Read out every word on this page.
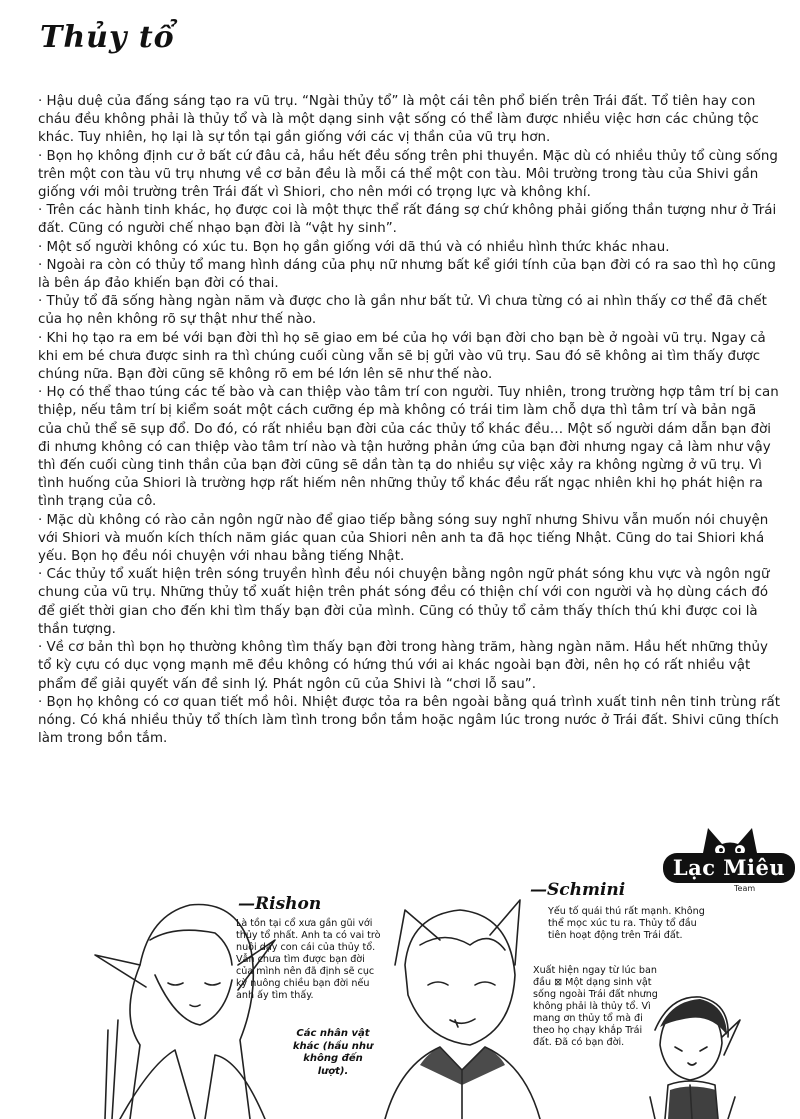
Thủy tổ

· Hậu duệ của đấng sáng tạo ra vũ trụ. “Ngài thủy tổ” là một cái tên phổ biến trên Trái đất. Tổ tiên hay con cháu đều không phải là thủy tổ và là một dạng sinh vật sống có thể làm được nhiều việc hơn các chủng tộc khác. Tuy nhiên, họ lại là sự tồn tại gần giống với các vị thần của vũ trụ hơn.

· Bọn họ không định cư ở bất cứ đâu cả, hầu hết đều sống trên phi thuyền. Mặc dù có nhiều thủy tổ cùng sống trên một con tàu vũ trụ nhưng về cơ bản đều là mỗi cá thể một con tàu. Môi trường trong tàu của Shivi gần giống với môi trường trên Trái đất vì Shiori, cho nên mới có trọng lực và không khí.

· Trên các hành tinh khác, họ được coi là một thực thể rất đáng sợ chứ không phải giống thần tượng như ở Trái đất. Cũng có người chế nhạo bạn đời là “vật hy sinh”.

· Một số người không có xúc tu. Bọn họ gần giống với dã thú và có nhiều hình thức khác nhau.

· Ngoài ra còn có thủy tổ mang hình dáng của phụ nữ nhưng bất kể giới tính của bạn đời có ra sao thì họ cũng là bên áp đảo khiến bạn đời có thai.

· Thủy tổ đã sống hàng ngàn năm và được cho là gần như bất tử. Vì chưa từng có ai nhìn thấy cơ thể đã chết của họ nên không rõ sự thật như thế nào.

· Khi họ tạo ra em bé với bạn đời thì họ sẽ giao em bé của họ với bạn đời cho bạn bè ở ngoài vũ trụ. Ngay cả khi em bé chưa được sinh ra thì chúng cuối cùng vẫn sẽ bị gửi vào vũ trụ. Sau đó sẽ không ai tìm thấy được chúng nữa. Bạn đời cũng sẽ không rõ em bé lớn lên sẽ như thế nào.

· Họ có thể thao túng các tế bào và can thiệp vào tâm trí con người. Tuy nhiên, trong trường hợp tâm trí bị can thiệp, nếu tâm trí bị kiểm soát một cách cưỡng ép mà không có trái tim làm chỗ dựa thì tâm trí và bản ngã của chủ thể sẽ sụp đổ. Do đó, có rất nhiều bạn đời của các thủy tổ khác đều… Một số người dám dẫn bạn đời đi nhưng không có can thiệp vào tâm trí nào và tận hưởng phản ứng của bạn đời nhưng ngay cả làm như vậy thì đến cuối cùng tinh thần của bạn đời cũng sẽ dần tàn tạ do nhiều sự việc xảy ra không ngừng ở vũ trụ. Vì tình huống của Shiori là trường hợp rất hiếm nên những thủy tổ khác đều rất ngạc nhiên khi họ phát hiện ra tình trạng của cô.

· Mặc dù không có rào cản ngôn ngữ nào để giao tiếp bằng sóng suy nghĩ nhưng Shivu vẫn muốn nói chuyện với Shiori và muốn kích thích năm giác quan của Shiori nên anh ta đã học tiếng Nhật. Cũng do tai Shiori khá yếu. Bọn họ đều nói chuyện với nhau bằng tiếng Nhật.

· Các thủy tổ xuất hiện trên sóng truyền hình đều nói chuyện bằng ngôn ngữ phát sóng khu vực và ngôn ngữ chung của vũ trụ. Những thủy tổ xuất hiện trên phát sóng đều có thiện chí với con người và họ dùng cách đó để giết thời gian cho đến khi tìm thấy bạn đời của mình. Cũng có thủy tổ cảm thấy thích thú khi được coi là thần tượng.

· Về cơ bản thì bọn họ thường không tìm thấy bạn đời trong hàng trăm, hàng ngàn năm. Hầu hết những thủy tổ kỳ cựu có dục vọng mạnh mẽ đều không có hứng thú với ai khác ngoài bạn đời, nên họ có rất nhiều vật phẩm để giải quyết vấn đề sinh lý. Phát ngôn cũ của Shivi là “chơi lỗ sau”.

· Bọn họ không có cơ quan tiết mồ hôi. Nhiệt được tỏa ra bên ngoài bằng quá trình xuất tinh nên tinh trùng rất nóng. Có khá nhiều thủy tổ thích làm tình trong bồn tắm hoặc ngâm lúc trong nước ở Trái đất. Shivi cũng thích làm trong bồn tắm.

Lạc Miêu
Team
—Rishon
—Schmini
Là tồn tại cổ xưa gần gũi với
thủy tổ nhất. Anh ta có vai trò
nuôi dạy con cái của thủy tổ.
Vẫn chưa tìm được bạn đời
của mình nên đã định sẽ cục
kỳ nuông chiều bạn đời nếu
anh ấy tìm thấy.
Các nhân vật
khác (hầu như
không đến lượt).
Yếu tố quái thú rất mạnh. Không
thể mọc xúc tu ra. Thủy tổ đầu
tiên hoạt động trên Trái đất.
Xuất hiện ngay từ lúc ban
đầu ⊠ Một dạng sinh vật
sống ngoài Trái đất nhưng
không phải là thủy tổ. Vì
mang ơn thủy tổ mà đi
theo họ chạy khắp Trái
đất. Đã có bạn đời.
